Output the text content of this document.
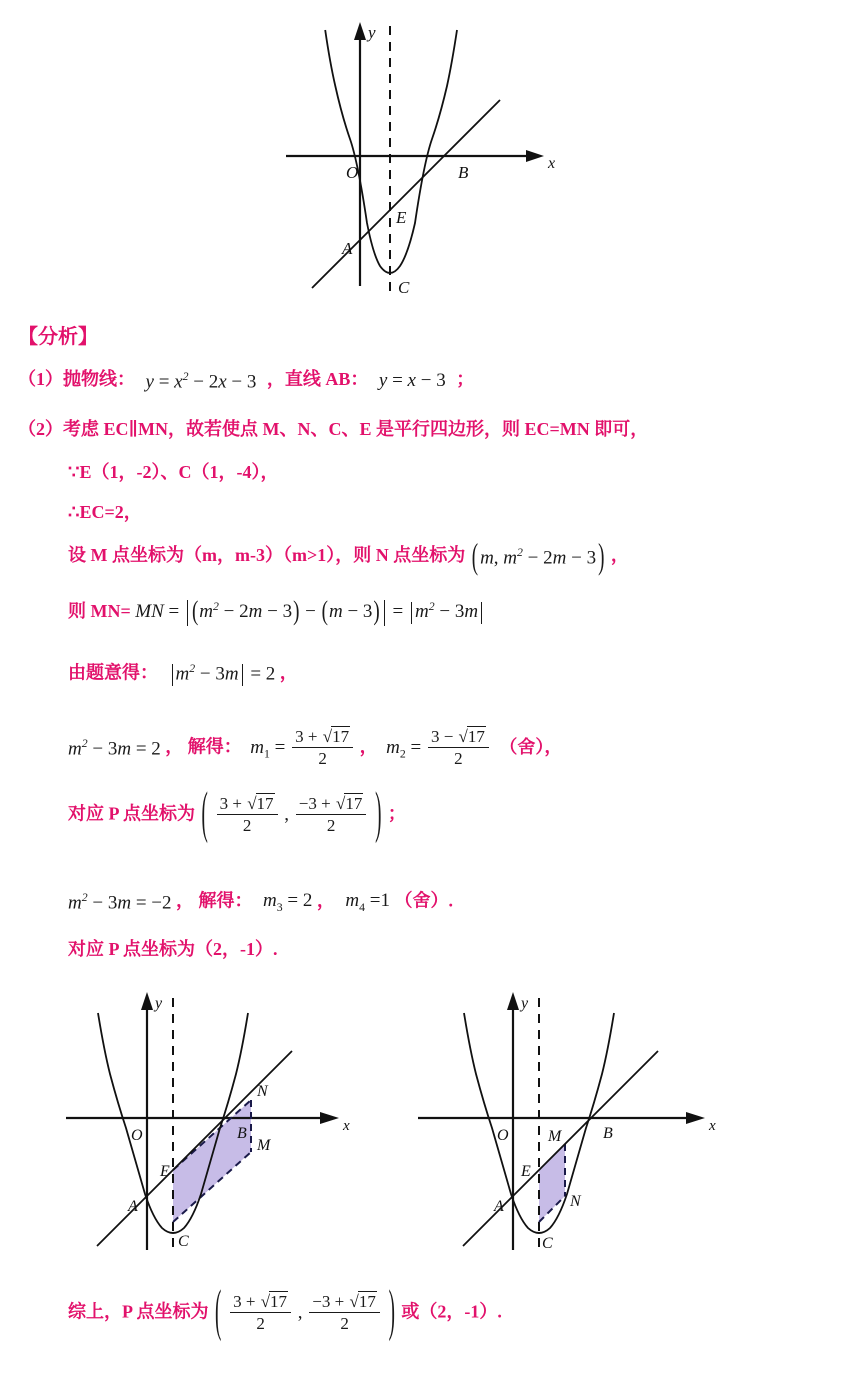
O	B	x
y
E
A
C
【分析】
（1）抛物线： $y = x^2 - 2x - 3$ ，直线 AB： y = x − 3 ；
（2）考虑 EC∥MN，故若使点 M、N、C、E 是平行四边形，则 EC=MN 即可，
∵E（1，-2）、C（1，-4），
∴EC=2，
设 M 点坐标为（m，m-3）（m>1），则 N 点坐标为 ( m, $m^2 - 2m - 3$ ) ，
则 MN= MN = $(m^2 - 2m - 3) - (m - 3) = m^2 - 3m$
由题意得： $m^2 - 3m = 2$ ，
$m^2 - 3m = 2$ ， 解得： $m_1 = \frac{3 + √17}{2}$ ， $m_2 = \frac{3 - √17}{2}$ （舍），
对应 P 点坐标为 ( $\frac{3 + √17}{2}$ , $\frac{-3 + √17}{2}$ ) ；
$m^2 - 3m = -2$ ， 解得： $m_3 = 2$ ， $m_4 =1$ （舍）.
对应 P 点坐标为（2，-1）.
O	B	x
y
N
M
E
A
C
O	B	x
y
M
E
A	N
C
综上，P 点坐标为 ( $\frac{3 + √17}{2}$ , $\frac{-3 + √17}{2}$ ) 或（2，-1）.
